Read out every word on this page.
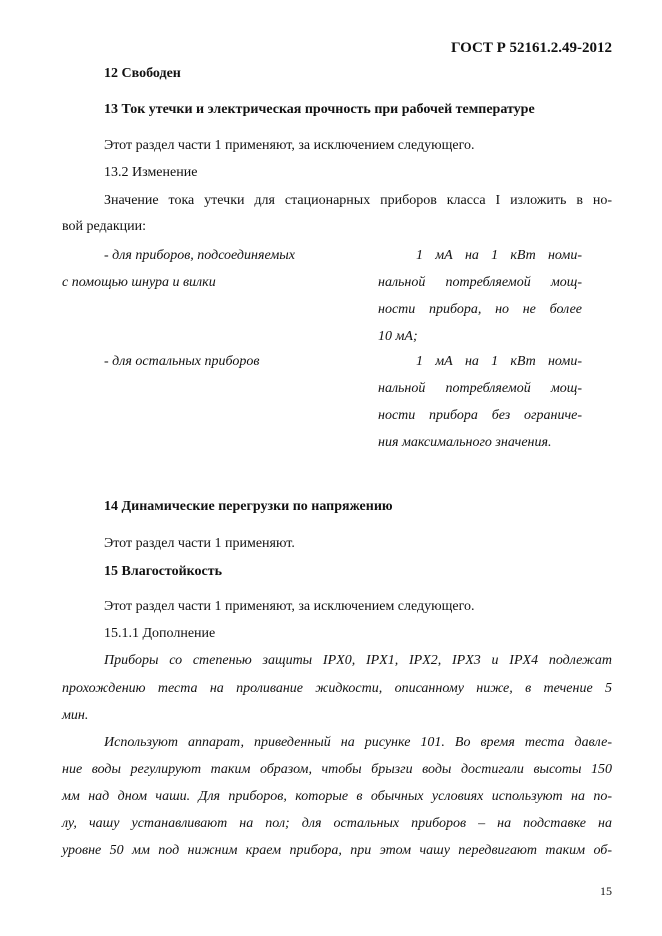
ГОСТ Р 52161.2.49-2012
12 Свободен
13 Ток утечки и электрическая прочность при рабочей температуре
Этот раздел части 1 применяют, за исключением следующего.
13.2 Изменение
Значение тока утечки для стационарных приборов класса I изложить в но-
вой редакции:
- для приборов, подсоединяемых
с помощью шнура и вилки
1 мА на 1 кВт номи-
нальной потребляемой мощ-
ности прибора, но не более
10 мА;
- для остальных приборов	1 мА на 1 кВт номи-
нальной потребляемой мощ-
ности прибора без ограниче-
ния максимального значения.
14 Динамические перегрузки по напряжению
Этот раздел части 1 применяют.
15 Влагостойкость
Этот раздел части 1 применяют, за исключением следующего.
15.1.1 Дополнение
Приборы со степенью защиты IPX0, IPX1, IPX2, IPX3 и IPX4 подлежат
прохождению теста на проливание жидкости, описанному ниже, в течение 5
мин.
Используют аппарат, приведенный на рисунке 101. Во время теста давле-
ние воды регулируют таким образом, чтобы брызги воды достигали высоты 150
мм над дном чаши. Для приборов, которые в обычных условиях используют на по-
лу, чашу устанавливают на пол; для остальных приборов – на подставке на
уровне 50 мм под нижним краем прибора, при этом чашу передвигают таким об-
15
